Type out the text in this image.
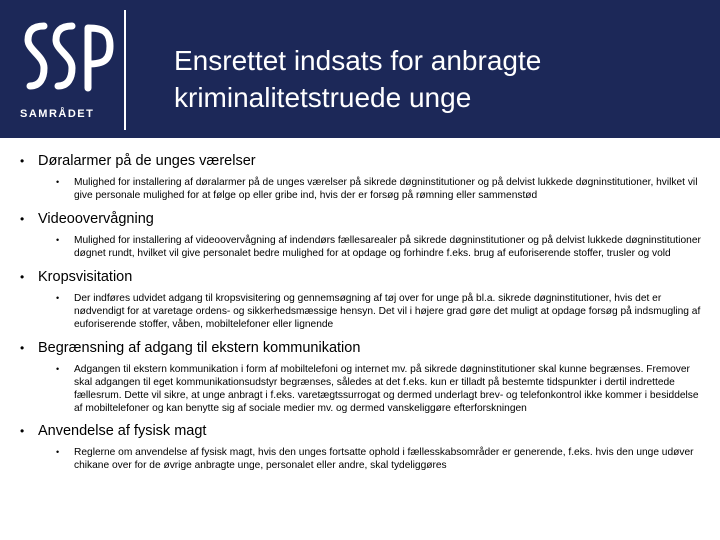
SSP
SAMRÅDET
Ensrettet indsats for anbragte
kriminalitetstruede unge
• Døralarmer på de unges værelser
• Mulighed for installering af døralarmer på de unges værelser på sikrede døgninstitutioner og på delvist lukkede døgninstitutioner, hvilket vil give personale mulighed for at følge op eller gribe ind, hvis der er forsøg på rømning eller sammenstød
• Videoovervågning
• Mulighed for installering af videoovervågning af indendørs fællesarealer på sikrede døgninstitutioner og på delvist lukkede døgninstitutioner døgnet rundt, hvilket vil give personalet bedre mulighed for at opdage og forhindre f.eks. brug af euforiserende stoffer, trusler og vold
• Kropsvisitation
• Der indføres udvidet adgang til kropsvisitering og gennemsøgning af tøj over for unge på bl.a. sikrede døgninstitutioner, hvis det er nødvendigt for at varetage ordens- og sikkerhedsmæssige hensyn. Det vil i højere grad gøre det muligt at opdage forsøg på indsmugling af euforiserende stoffer, våben, mobiltelefoner eller lignende
• Begrænsning af adgang til ekstern kommunikation
• Adgangen til ekstern kommunikation i form af mobiltelefoni og internet mv. på sikrede døgninstitutioner skal kunne begrænses. Fremover skal adgangen til eget kommunikationsudstyr begrænses, således at det f.eks. kun er tilladt på bestemte tidspunkter i dertil indrettede fællesrum. Dette vil sikre, at unge anbragt i f.eks. varetægtssurrogat og dermed underlagt brev- og telefonkontrol ikke kommer i besiddelse af mobiltelefoner og kan benytte sig af sociale medier mv. og dermed vanskeliggøre efterforskningen
• Anvendelse af fysisk magt
• Reglerne om anvendelse af fysisk magt, hvis den unges fortsatte ophold i fællesskabsområder er generende, f.eks. hvis den unge udøver chikane over for de øvrige anbragte unge, personalet eller andre, skal tydeliggøres
